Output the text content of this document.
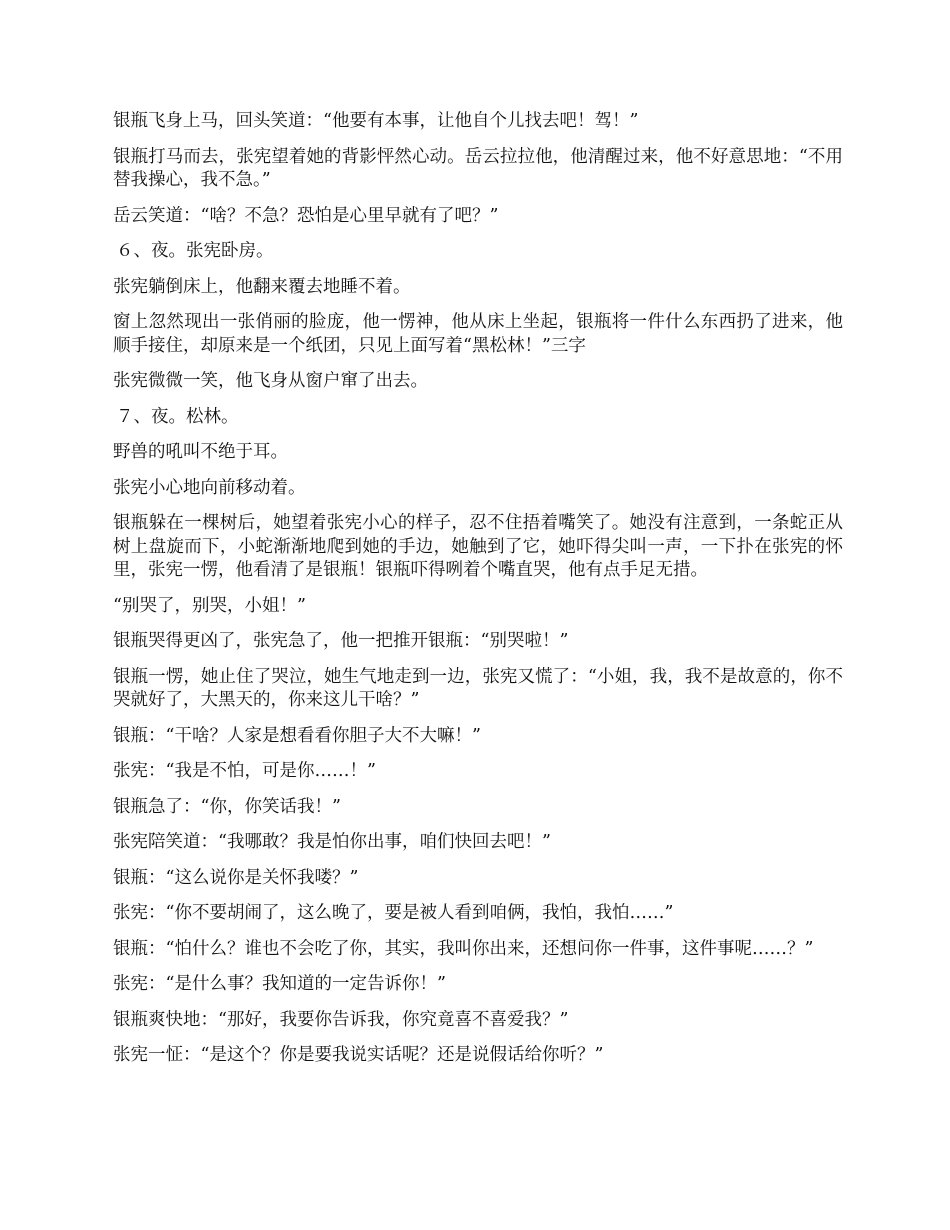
银瓶飞身上马，回头笑道：“他要有本事，让他自个儿找去吧！驾！”

银瓶打马而去，张宪望着她的背影怦然心动。岳云拉拉他，他清醒过来，他不好意思地：“不用替我操心，我不急。”

岳云笑道：“啥？不急？恐怕是心里早就有了吧？”

６、夜。张宪卧房。

张宪躺倒床上，他翻来覆去地睡不着。

窗上忽然现出一张俏丽的脸庞，他一愣神，他从床上坐起，银瓶将一件什么东西扔了进来，他顺手接住，却原来是一个纸团，只见上面写着“黑松林！”三字

张宪微微一笑，他飞身从窗户窜了出去。

７、夜。松林。

野兽的吼叫不绝于耳。

张宪小心地向前移动着。

银瓶躲在一棵树后，她望着张宪小心的样子，忍不住捂着嘴笑了。她没有注意到，一条蛇正从树上盘旋而下，小蛇渐渐地爬到她的手边，她触到了它，她吓得尖叫一声，一下扑在张宪的怀里，张宪一愣，他看清了是银瓶！银瓶吓得咧着个嘴直哭，他有点手足无措。

“别哭了，别哭，小姐！”

银瓶哭得更凶了，张宪急了，他一把推开银瓶：“别哭啦！”

银瓶一愣，她止住了哭泣，她生气地走到一边，张宪又慌了：“小姐，我，我不是故意的，你不哭就好了，大黑天的，你来这儿干啥？”

银瓶：“干啥？人家是想看看你胆子大不大嘛！”

张宪：“我是不怕，可是你……！”

银瓶急了：“你，你笑话我！”

张宪陪笑道：“我哪敢？我是怕你出事，咱们快回去吧！”

银瓶：“这么说你是关怀我喽？”

张宪：“你不要胡闹了，这么晚了，要是被人看到咱俩，我怕，我怕……”

银瓶：“怕什么？谁也不会吃了你，其实，我叫你出来，还想问你一件事，这件事呢……？”

张宪：“是什么事？我知道的一定告诉你！”

银瓶爽快地：“那好，我要你告诉我，你究竟喜不喜爱我？”

张宪一怔：“是这个？你是要我说实话呢？还是说假话给你听？”
